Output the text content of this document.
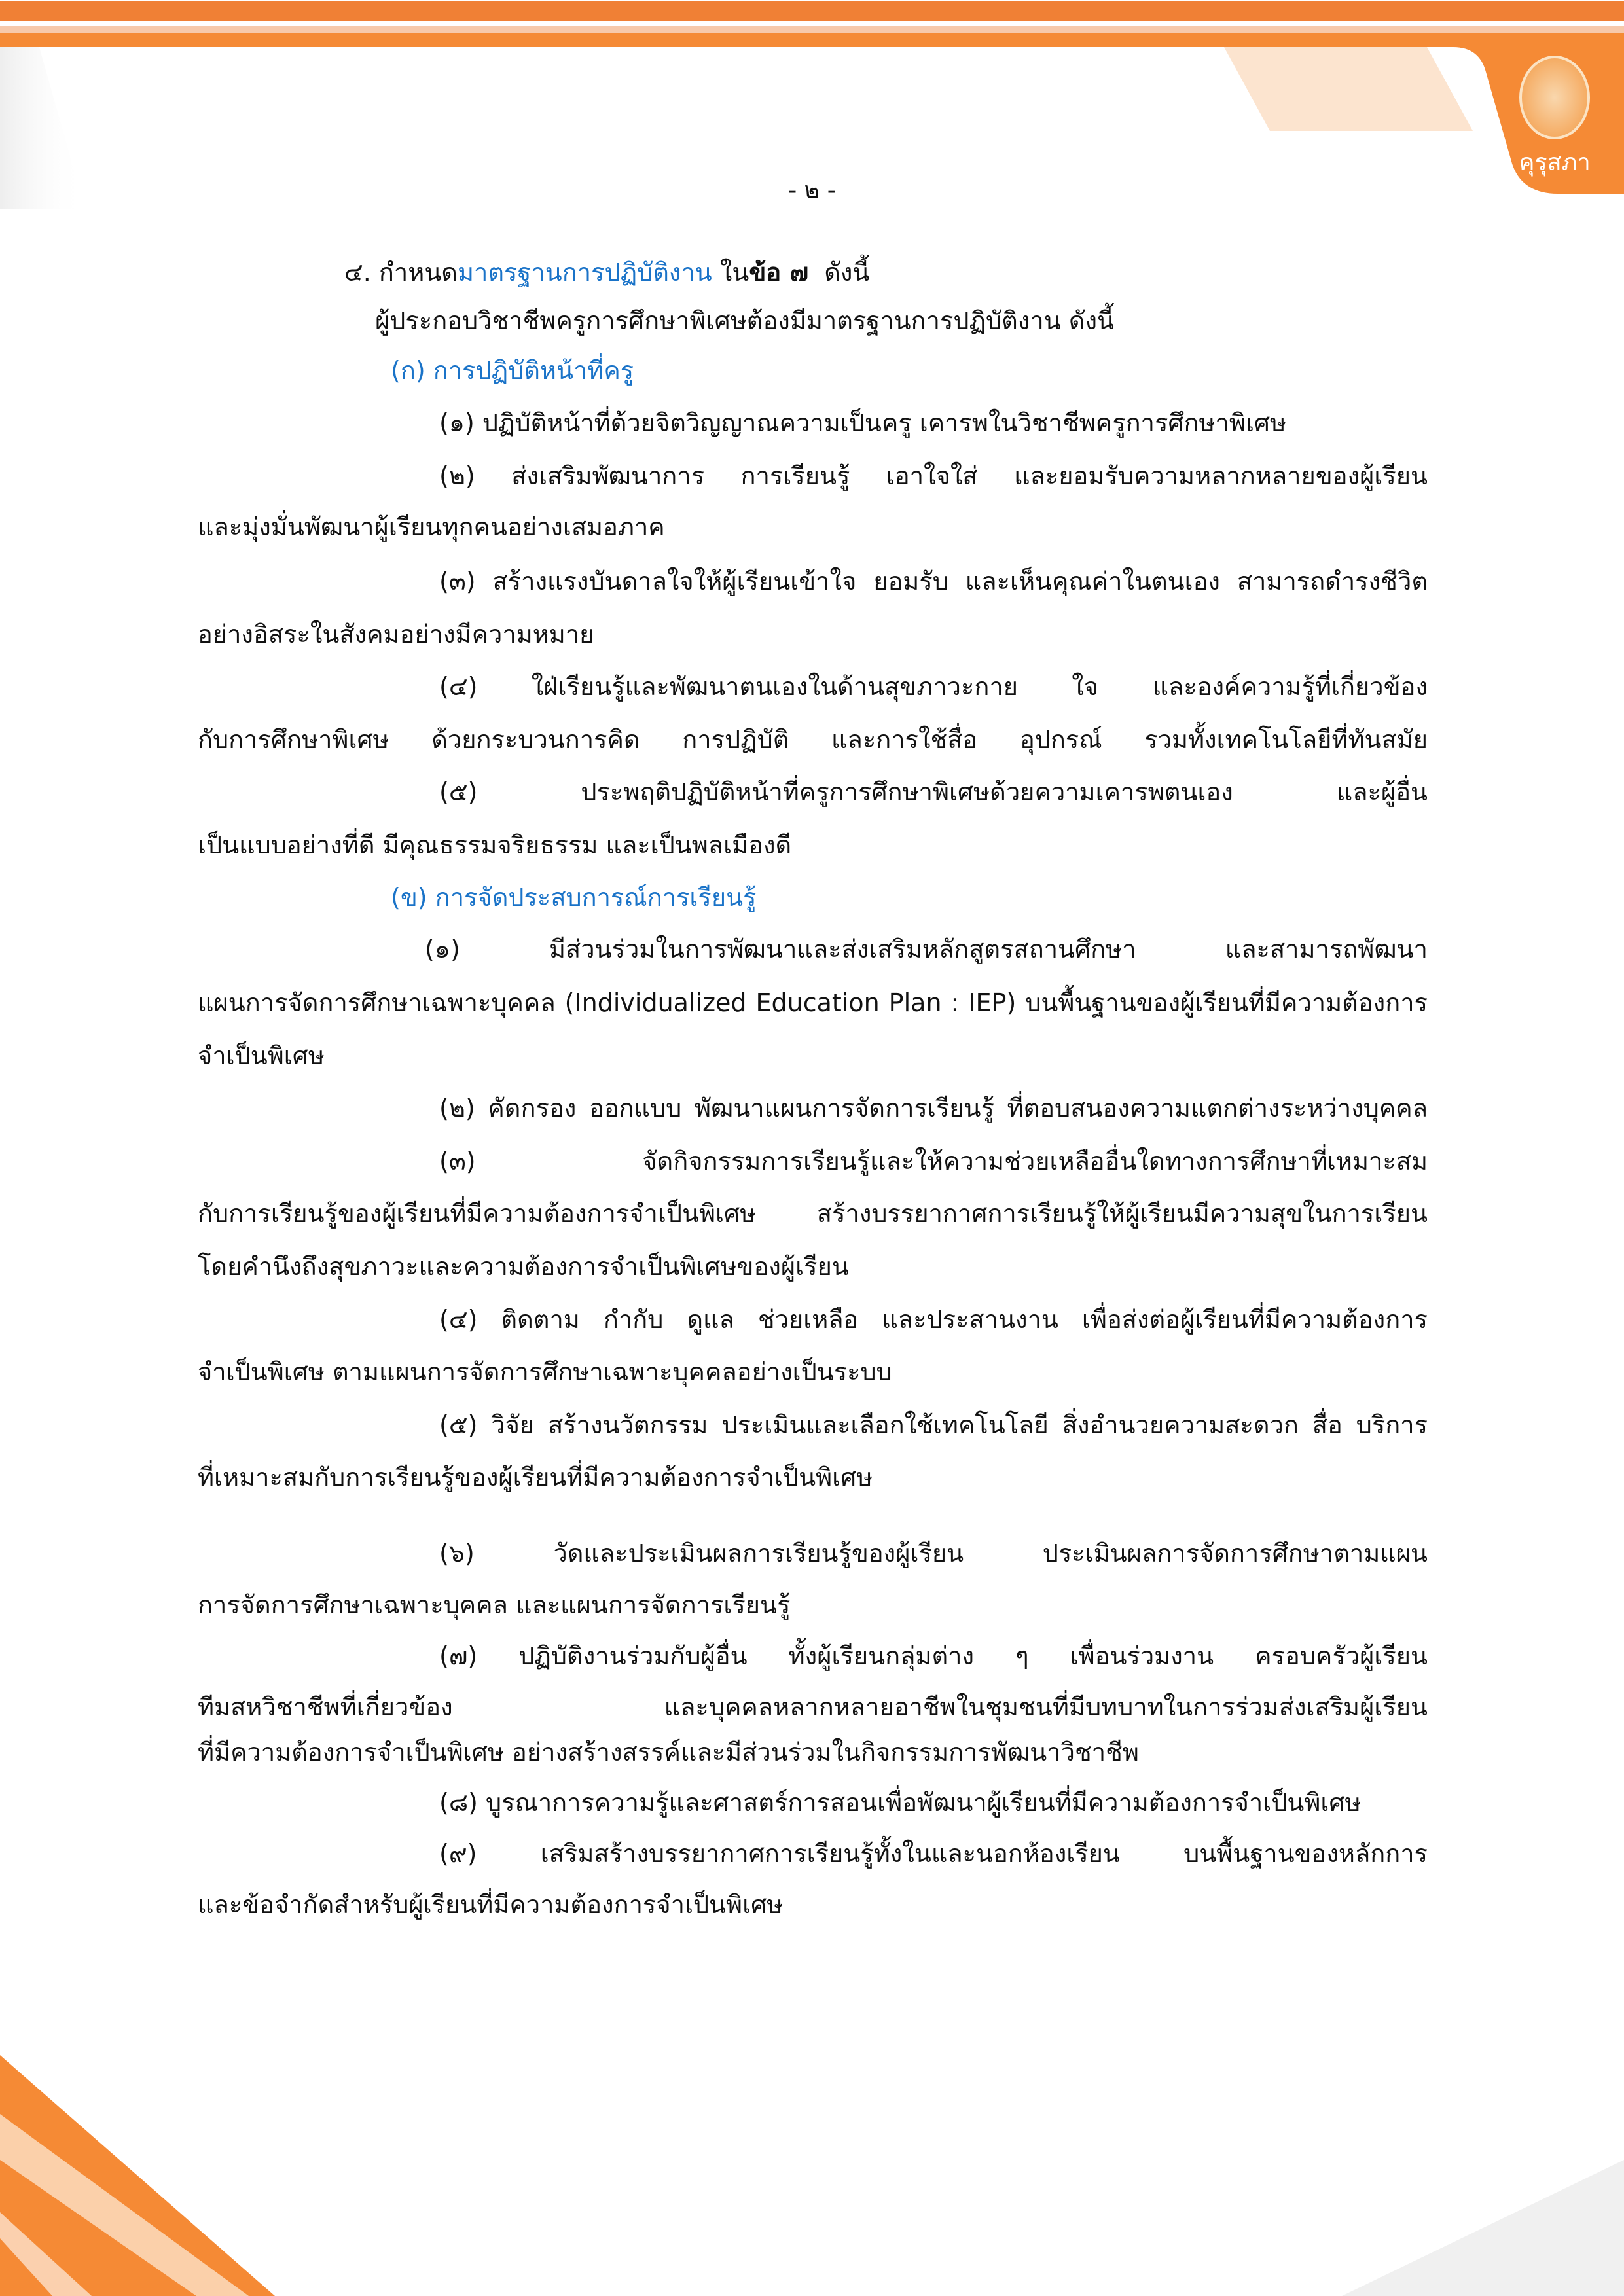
คุรุสภา
- ๒ -
๔. กำหนดมาตรฐานการปฏิบัติงาน ในข้อ ๗  ดังนี้
ผู้ประกอบวิชาชีพครูการศึกษาพิเศษต้องมีมาตรฐานการปฏิบัติงาน ดังนี้
(ก) การปฏิบัติหน้าที่ครู
(๑) ปฏิบัติหน้าที่ด้วยจิตวิญญาณความเป็นครู เคารพในวิชาชีพครูการศึกษาพิเศษ
(๒) ส่งเสริมพัฒนาการ การเรียนรู้ เอาใจใส่ และยอมรับความหลากหลายของผู้เรียน
และมุ่งมั่นพัฒนาผู้เรียนทุกคนอย่างเสมอภาค
(๓) สร้างแรงบันดาลใจให้ผู้เรียนเข้าใจ ยอมรับ และเห็นคุณค่าในตนเอง สามารถดำรงชีวิต
อย่างอิสระในสังคมอย่างมีความหมาย
(๔) ใฝ่เรียนรู้และพัฒนาตนเองในด้านสุขภาวะกาย ใจ และองค์ความรู้ที่เกี่ยวข้อง
กับการศึกษาพิเศษ ด้วยกระบวนการคิด การปฏิบัติ และการใช้สื่อ อุปกรณ์ รวมทั้งเทคโนโลยีที่ทันสมัย
(๕) ประพฤติปฏิบัติหน้าที่ครูการศึกษาพิเศษด้วยความเคารพตนเอง และผู้อื่น
เป็นแบบอย่างที่ดี มีคุณธรรมจริยธรรม และเป็นพลเมืองดี
(ข) การจัดประสบการณ์การเรียนรู้
(๑) มีส่วนร่วมในการพัฒนาและส่งเสริมหลักสูตรสถานศึกษา และสามารถพัฒนา
แผนการจัดการศึกษาเฉพาะบุคคล (Individualized Education Plan : IEP) บนพื้นฐานของผู้เรียนที่มีความต้องการ
จำเป็นพิเศษ
(๒) คัดกรอง ออกแบบ พัฒนาแผนการจัดการเรียนรู้ ที่ตอบสนองความแตกต่างระหว่างบุคคล
(๓) จัดกิจกรรมการเรียนรู้และให้ความช่วยเหลืออื่นใดทางการศึกษาที่เหมาะสม
กับการเรียนรู้ของผู้เรียนที่มีความต้องการจำเป็นพิเศษ สร้างบรรยากาศการเรียนรู้ให้ผู้เรียนมีความสุขในการเรียน
โดยคำนึงถึงสุขภาวะและความต้องการจำเป็นพิเศษของผู้เรียน
(๔) ติดตาม กำกับ ดูแล ช่วยเหลือ และประสานงาน เพื่อส่งต่อผู้เรียนที่มีความต้องการ
จำเป็นพิเศษ ตามแผนการจัดการศึกษาเฉพาะบุคคลอย่างเป็นระบบ
(๕) วิจัย สร้างนวัตกรรม ประเมินและเลือกใช้เทคโนโลยี สิ่งอำนวยความสะดวก สื่อ บริการ
ที่เหมาะสมกับการเรียนรู้ของผู้เรียนที่มีความต้องการจำเป็นพิเศษ
(๖) วัดและประเมินผลการเรียนรู้ของผู้เรียน ประเมินผลการจัดการศึกษาตามแผน
การจัดการศึกษาเฉพาะบุคคล และแผนการจัดการเรียนรู้
(๗) ปฏิบัติงานร่วมกับผู้อื่น ทั้งผู้เรียนกลุ่มต่าง ๆ เพื่อนร่วมงาน ครอบครัวผู้เรียน
ทีมสหวิชาชีพที่เกี่ยวข้อง และบุคคลหลากหลายอาชีพในชุมชนที่มีบทบาทในการร่วมส่งเสริมผู้เรียน
ที่มีความต้องการจำเป็นพิเศษ อย่างสร้างสรรค์และมีส่วนร่วมในกิจกรรมการพัฒนาวิชาชีพ
(๘) บูรณาการความรู้และศาสตร์การสอนเพื่อพัฒนาผู้เรียนที่มีความต้องการจำเป็นพิเศษ
(๙) เสริมสร้างบรรยากาศการเรียนรู้ทั้งในและนอกห้องเรียน บนพื้นฐานของหลักการ
และข้อจำกัดสำหรับผู้เรียนที่มีความต้องการจำเป็นพิเศษ
